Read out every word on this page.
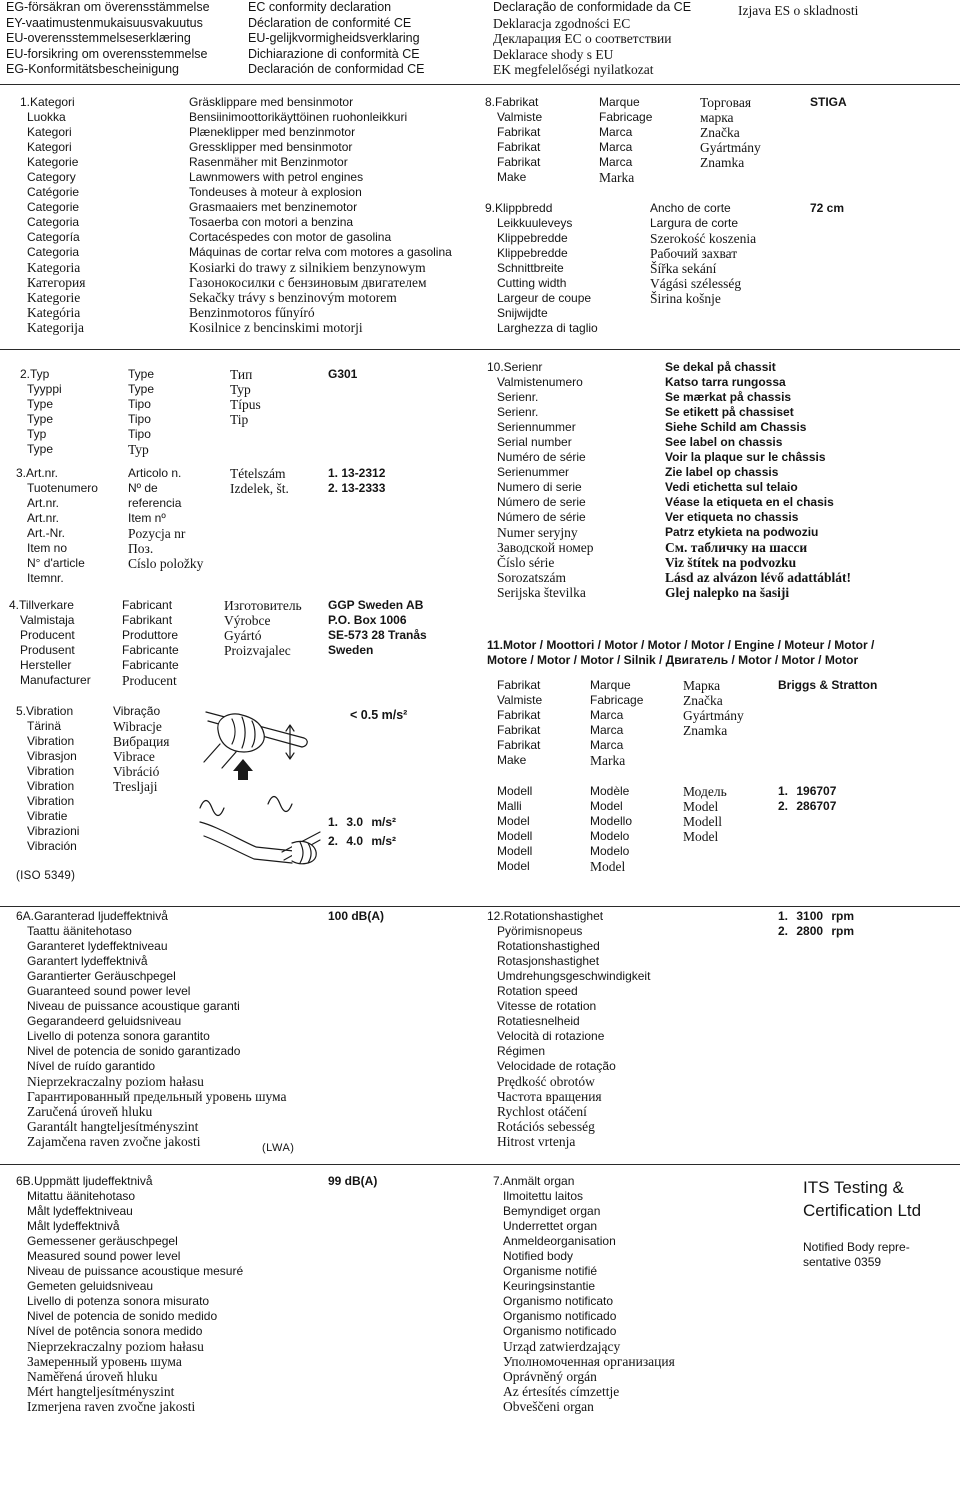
EG-försäkran om överensstämmelse
EY-vaatimustenmukaisuusvakuutus
EU-overensstemmelseserklæring
EU-forsikring om overensstemmelse
EG-Konformitätsbescheinigung
EC conformity declaration
Déclaration de conformité CE
EU-gelijkvormigheidsverklaring
Dichiarazione di conformità CE
Declaración de conformidad CE
Declaração de conformidade da CE
Deklaracja zgodności EC
Декларация ЕС о соответствии
Deklarace shody s EU
EK megfelelőségi nyilatkozat
Izjava ES o skladnosti
1.Kategori
Luokka
Kategori
Kategori
Kategorie
Category
Catégorie
Categorie
Categoria
Categoría
Categoria
Kategoria
Категория
Kategorie
Kategória
Kategorija
Gräsklippare med bensinmotor
Bensiinimoottorikäyttöinen ruohonleikkuri
Plæneklipper med benzinmotor
Gressklipper med bensinmotor
Rasenmäher mit Benzinmotor
Lawnmowers with petrol engines
Tondeuses à moteur à explosion
Grasmaaiers met benzinemotor
Tosaerba con motori a benzina
Cortacéspedes con motor de gasolina
Máquinas de cortar relva com motores a gasolina
Kosiarki do trawy z silnikiem benzynowym
Газонокосилки с бензиновым двигателем
Sekačky trávy s benzinovým motorem
Benzinmotoros fűnyíró
Kosilnice z bencinskimi motorji
8.Fabrikat
Valmiste
Fabrikat
Fabrikat
Fabrikat
Make
Marque
Fabricage
Marca
Marca
Marca
Marka
Торговая
марка
Značka
Gyártmány
Znamka
STIGA
9.Klippbredd
Leikkuuleveys
Klippebredde
Klippebredde
Schnittbreite
Cutting width
Largeur de coupe
Snijwijdte
Larghezza di taglio
Ancho de corte
Largura de corte
Szerokość koszenia
Рабочий захват
Šířka sekání
Vágási szélesség
Širina košnje
72 cm
2.Typ
Tyyppi
Type
Type
Typ
Type
Type
Type
Tipo
Tipo
Tipo
Typ
Тип
Typ
Típus
Tip
G301
3.Art.nr.
Tuotenumero
Art.nr.
Art.nr.
Art.-Nr.
Item no
N° d'article
Itemnr.
Articolo n.
Nº de
referencia
Item nº
Pozycja nr
Поз.
Císlo položky
Tételszám
Izdelek, št.
1. 13-2312
2. 13-2333
4.Tillverkare
Valmistaja
Producent
Produsent
Hersteller
Manufacturer
Fabricant
Fabrikant
Produttore
Fabricante
Fabricante
Producent
Изготовитель
Výrobce
Gyártó
Proizvajalec
GGP Sweden AB
P.O. Box 1006
SE-573 28 Tranås
Sweden
5.Vibration
Tärinä
Vibration
Vibrasjon
Vibration
Vibration
Vibration
Vibratie
Vibrazioni
Vibración
Vibração
Wibracje
Вибрация
Vibrace
Vibráció
Tresljaji
(ISO 5349)
< 0.5 m/s²
1. 3.0 m/s²
2. 4.0 m/s²
6A.Garanterad ljudeffektnivå
Taattu äänitehotaso
Garanteret lydeffektniveau
Garantert lydeffektnivå
Garantierter Geräuschpegel
Guaranteed sound power level
Niveau de puissance acoustique garanti
Gegarandeerd geluidsniveau
Livello di potenza sonora garantito
Nivel de potencia de sonido garantizado
Nível de ruído garantido
Nieprzekraczalny poziom hałasu
Гарантированный предельный уровень шума
Zaručená úroveň hluku
Garantált hangteljesítményszint
Zajamčena raven zvočne jakosti
100 dB(A)
(LWA)
6B.Uppmätt ljudeffektnivå
Mitattu äänitehotaso
Målt lydeffektniveau
Målt lydeffektnivå
Gemessener geräuschpegel
Measured sound power level
Niveau de puissance acoustique mesuré
Gemeten geluidsniveau
Livello di potenza sonora misurato
Nivel de potencia de sonido medido
Nível de potência sonora medido
Nieprzekraczalny poziom hałasu
Замеренный уровень шума
Naměřená úroveň hluku
Mért hangteljesítményszint
Izmerjena raven zvočne jakosti
99 dB(A)
10.Serienr
Valmistenumero
Serienr.
Serienr.
Seriennummer
Serial number
Numéro de série
Serienummer
Numero di serie
Número de serie
Número de série
Numer seryjny
Заводской номер
Číslo série
Sorozatszám
Serijska številka
Se dekal på chassit
Katso tarra rungossa
Se mærkat på chassis
Se etikett på chassiset
Siehe Schild am Chassis
See label on chassis
Voir la plaque sur le châssis
Zie label op chassis
Vedi etichetta sul telaio
Véase la etiqueta en el chasis
Ver etiqueta no chassis
Patrz etykieta na podwoziu
См. табличку на шасси
Viz štítek na podvozku
Lásd az alvázon lévő adattáblát!
Glej nalepko na šasiji
11.Motor / Moottori / Motor / Motor / Motor / Engine / Moteur / Motor /
Motore / Motor / Motor / Silnik / Двигатель / Motor / Motor / Motor
Fabrikat
Valmiste
Fabrikat
Fabrikat
Fabrikat
Make
Marque
Fabricage
Marca
Marca
Marca
Marka
Марка
Značka
Gyártmány
Znamka
Briggs & Stratton
Modell
Malli
Model
Modell
Modell
Model
Modèle
Model
Modello
Modelo
Modelo
Model
Модель
Model
Modell
Model
1. 196707
2. 286707
12.Rotationshastighet
Pyörimisnopeus
Rotationshastighed
Rotasjonshastighet
Umdrehungsgeschwindigkeit
Rotation speed
Vitesse de rotation
Rotatiesnelheid
Velocità di rotazione
Régimen
Velocidade de rotação
Prędkość obrotów
Частота вращения
Rychlost otáčení
Rotációs sebesség
Hitrost vrtenja
1. 3100 rpm
2. 2800 rpm
7.Anmält organ
Ilmoitettu laitos
Bemyndiget organ
Underrettet organ
Anmeldeorganisation
Notified body
Organisme notifié
Keuringsinstantie
Organismo notificato
Organismo notificado
Organismo notificado
Urząd zatwierdzający
Уполномоченная организация
Oprávněný orgán
Az értesítés címzettje
Obveščeni organ
ITS Testing &
Certification Ltd
Notified Body repre-
sentative 0359
